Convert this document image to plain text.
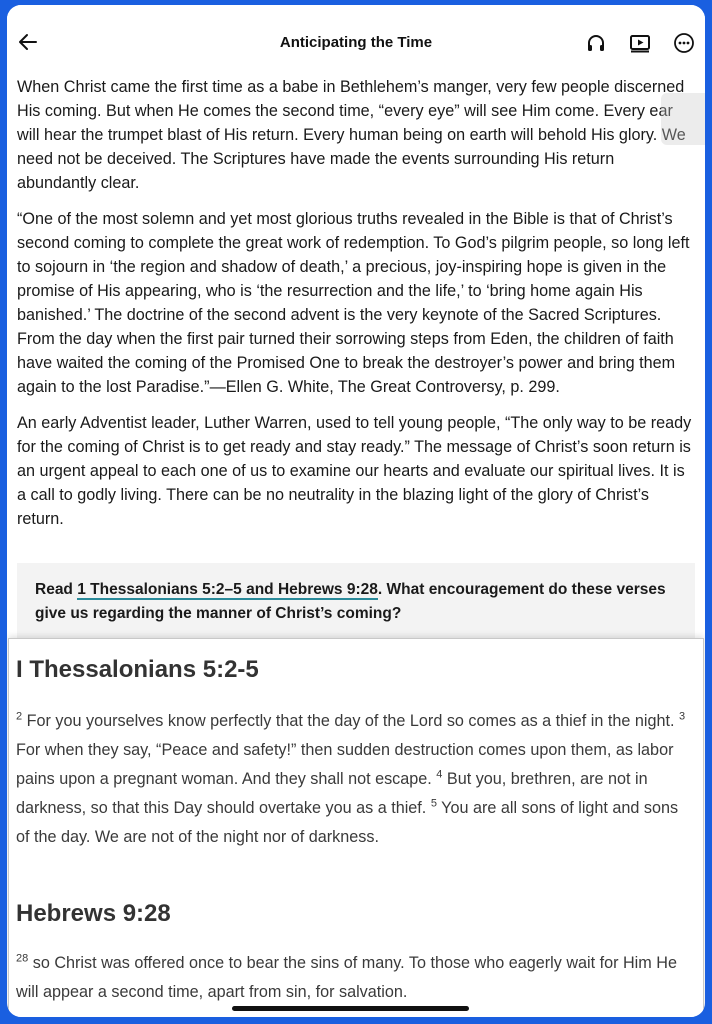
Anticipating the Time

When Christ came the first time as a babe in Bethlehem’s manger, very few people discerned His coming. But when He comes the second time, “every eye” will see Him come. Every ear will hear the trumpet blast of His return. Every human being on earth will behold His glory. We need not be deceived. The Scriptures have made the events surrounding His return abundantly clear.

“One of the most solemn and yet most glorious truths revealed in the Bible is that of Christ’s second coming to complete the great work of redemption. To God’s pilgrim people, so long left to sojourn in ‘the region and shadow of death,’ a precious, joy-inspiring hope is given in the promise of His appearing, who is ‘the resurrection and the life,’ to ‘bring home again His banished.’ The doctrine of the second advent is the very keynote of the Sacred Scriptures. From the day when the first pair turned their sorrowing steps from Eden, the children of faith have waited the coming of the Promised One to break the destroyer’s power and bring them again to the lost Paradise.”—Ellen G. White, The Great Controversy, p. 299.

An early Adventist leader, Luther Warren, used to tell young people, “The only way to be ready for the coming of Christ is to get ready and stay ready.” The message of Christ’s soon return is an urgent appeal to each one of us to examine our hearts and evaluate our spiritual lives. It is a call to godly living. There can be no neutrality in the blazing light of the glory of Christ’s return.

Read 1 Thessalonians 5:2–5 and Hebrews 9:28. What encouragement do these verses give us regarding the manner of Christ’s coming?
I Thessalonians 5:2-5
$^2$ For you yourselves know perfectly that the day of the Lord so comes as a thief in the night. $^3$ For when they say, “Peace and safety!” then sudden destruction comes upon them, as labor pains upon a pregnant woman. And they shall not escape. $^4$ But you, brethren, are not in darkness, so that this Day should overtake you as a thief. $^5$ You are all sons of light and sons of the day. We are not of the night nor of darkness.
Hebrews 9:28
$^{28}$ so Christ was offered once to bear the sins of many. To those who eagerly wait for Him He will appear a second time, apart from sin, for salvation.
